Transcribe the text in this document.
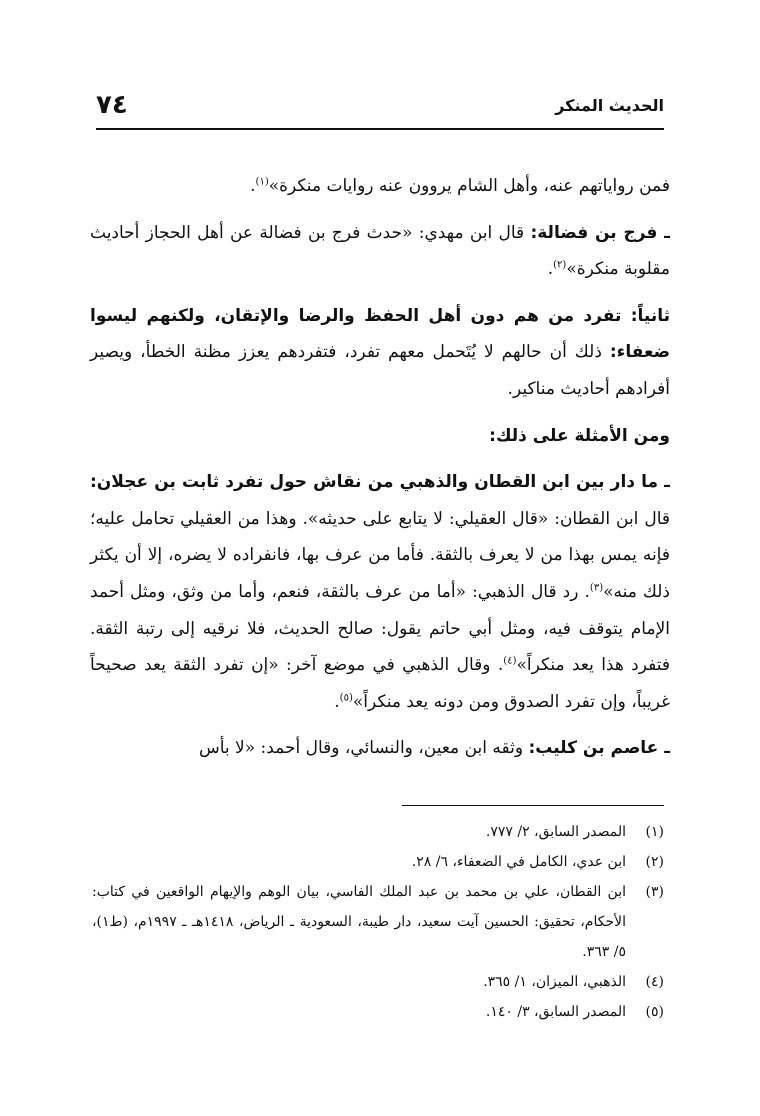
الحديث المنكر
٧٤

فمن رواياتهم عنه، وأهل الشام يروون عنه روايات منكرة»$^{(١)}$.

ـ فرج بن فضالة: قال ابن مهدي: «حدث فرج بن فضالة عن أهل الحجاز أحاديث مقلوبة منكرة»$^{(٢)}$.

ثانياً: تفرد من هم دون أهل الحفظ والرضا والإتقان، ولكنهم ليسوا ضعفاء: ذلك أن حالهم لا يُتَحمل معهم تفرد، فتفردهم يعزز مظنة الخطأ، ويصير أفرادهم أحاديث مناكير.

ومن الأمثلة على ذلك:

ـ ما دار بين ابن القطان والذهبي من نقاش حول تفرد ثابت بن عجلان: قال ابن القطان: «قال العقيلي: لا يتابع على حديثه». وهذا من العقيلي تحامل عليه؛ فإنه يمس بهذا من لا يعرف بالثقة. فأما من عرف بها، فانفراده لا يضره، إلا أن يكثر ذلك منه»$^{(٣)}$. رد قال الذهبي: «أما من عرف بالثقة، فنعم، وأما من وثق، ومثل أحمد الإمام يتوقف فيه، ومثل أبي حاتم يقول: صالح الحديث، فلا نرقيه إلى رتبة الثقة. فتفرد هذا يعد منكراً»$^{(٤)}$. وقال الذهبي في موضع آخر: «إن تفرد الثقة يعد صحيحاً غريباً، وإن تفرد الصدوق ومن دونه يعد منكراً»$^{(٥)}$.

ـ عاصم بن كليب: وثقه ابن معين، والنسائي، وقال أحمد: «لا بأس

(١)
المصدر السابق، ٢/ ٧٧٧.

(٢)
ابن عدي، الكامل في الضعفاء، ٦/ ٢٨.

(٣)
ابن القطان، علي بن محمد بن عبد الملك الفاسي، بيان الوهم والإيهام الواقعين في كتاب: الأحكام، تحقيق: الحسين آيت سعيد، دار طيبة، السعودية ـ الرياض، ١٤١٨هـ ـ ١٩٩٧م، (ط١)، ٥/ ٣٦٣.

(٤)
الذهبي، الميزان، ١/ ٣٦٥.

(٥)
المصدر السابق، ٣/ ١٤٠.
